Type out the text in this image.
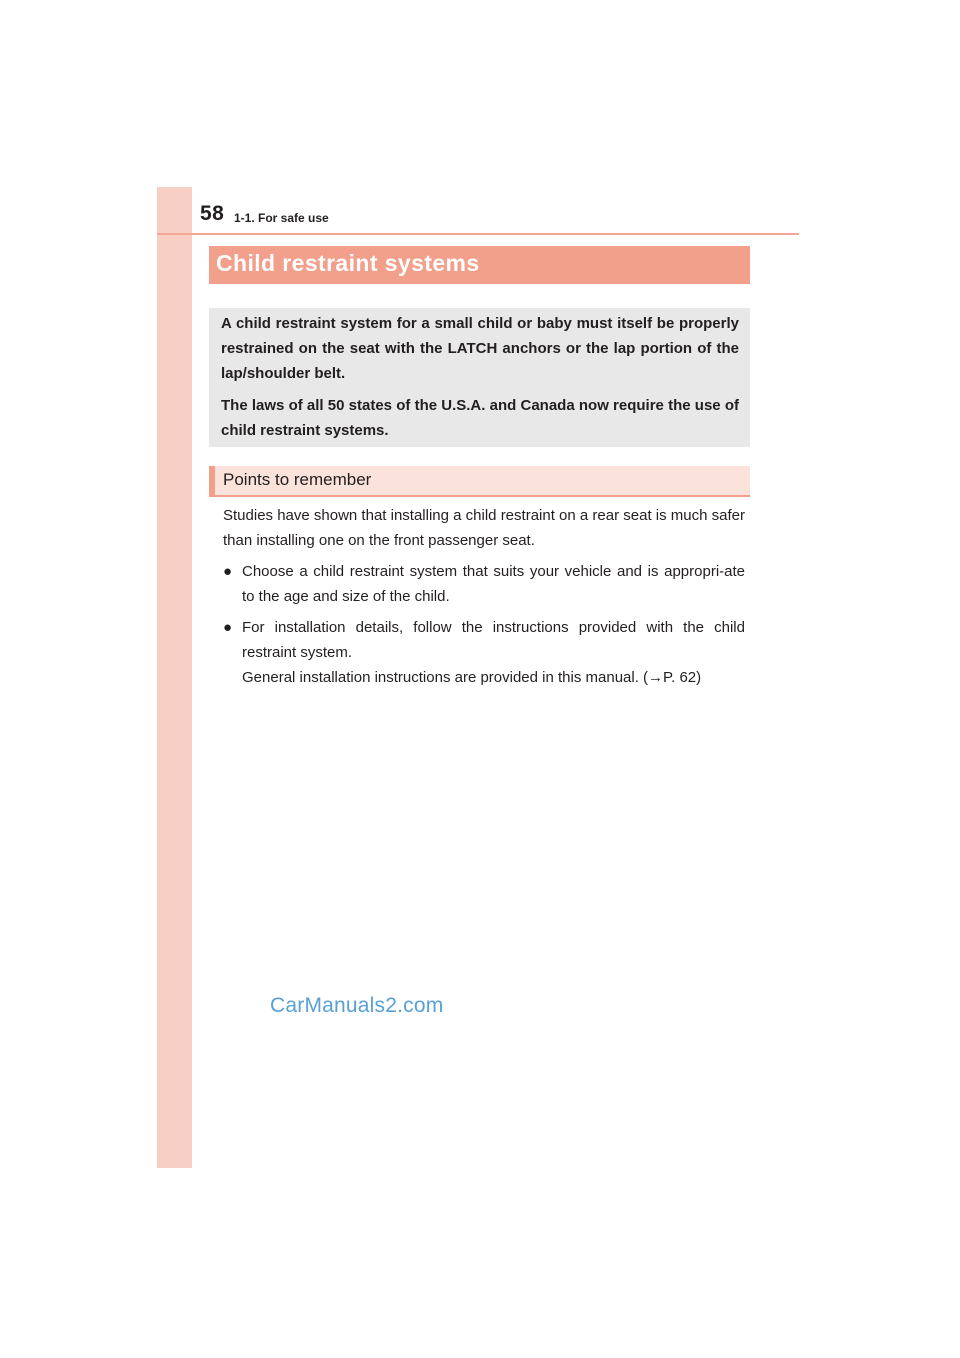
58 1-1. For safe use
Child restraint systems

A child restraint system for a small child or baby must itself be properly restrained on the seat with the LATCH anchors or the lap portion of the lap/shoulder belt.

The laws of all 50 states of the U.S.A. and Canada now require the use of child restraint systems.

Points to remember

Studies have shown that installing a child restraint on a rear seat is much safer than installing one on the front passenger seat.

● Choose a child restraint system that suits your vehicle and is appropri-ate to the age and size of the child.

● For installation details, follow the instructions provided with the child restraint system.

General installation instructions are provided in this manual. (→P. 62)

CarManuals2.com
